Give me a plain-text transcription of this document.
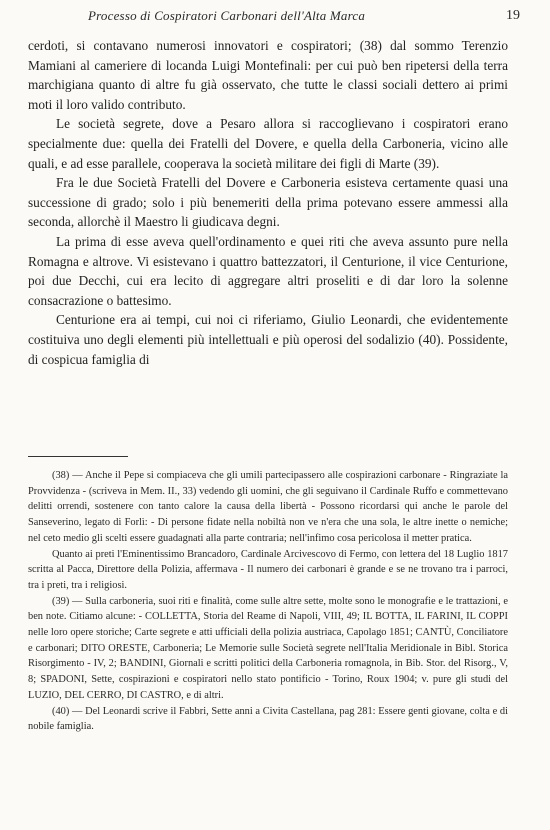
Processo di Cospiratori Carbonari dell'Alta Marca	19

cerdoti, si contavano numerosi innovatori e cospiratori; (38) dal sommo Terenzio Mamiani al cameriere di locanda Luigi Montefinali: per cui può ben ripetersi della terra marchigiana quanto di altre fu già osservato, che tutte le classi sociali dettero ai primi moti il loro valido contributo.

Le società segrete, dove a Pesaro allora si raccoglievano i cospiratori erano specialmente due: quella dei Fratelli del Dovere, e quella della Carboneria, vicino alle quali, e ad esse parallele, cooperava la società militare dei figli di Marte (39).

Fra le due Società Fratelli del Dovere e Carboneria esisteva certamente quasi una successione di grado; solo i più benemeriti della prima potevano essere ammessi alla seconda, allorchè il Maestro li giudicava degni.

La prima di esse aveva quell'ordinamento e quei riti che aveva assunto pure nella Romagna e altrove. Vi esistevano i quattro battezzatori, il Centurione, il vice Centurione, poi due Decchi, cui era lecito di aggregare altri proseliti e di dar loro la solenne consacrazione o battesimo.

Centurione era ai tempi, cui noi ci riferiamo, Giulio Leonardi, che evidentemente costituiva uno degli elementi più intellettuali e più operosi del sodalizio (40). Possidente, di cospicua famiglia di

(38) — Anche il Pepe si compiaceva che gli umili partecipassero alle cospirazioni carbonare - Ringraziate la Provvidenza - (scriveva in Mem. II., 33) vedendo gli uomini, che gli seguivano il Cardinale Ruffo e commettevano delitti orrendi, sostenere con tanto calore la causa della libertà - Possono ricordarsi qui anche le parole del Sanseverino, legato di Forlì: - Di persone fidate nella nobiltà non ve n'era che una sola, le altre inette o nemiche; nel ceto medio gli scelti essere guadagnati alla parte contraria; nell'infimo cosa pericolosa il metter pratica.

Quanto ai preti l'Eminentissimo Brancadoro, Cardinale Arcivescovo di Fermo, con lettera del 18 Luglio 1817 scritta al Pacca, Direttore della Polizia, affermava - Il numero dei carbonari è grande e se ne trovano tra i parroci, tra i preti, tra i religiosi.

(39) — Sulla carboneria, suoi riti e finalità, come sulle altre sette, molte sono le monografie e le trattazioni, e ben note. Citiamo alcune: - COLLETTA, Storia del Reame di Napoli, VIII, 49; IL BOTTA, IL FARINI, IL COPPI nelle loro opere storiche; Carte segrete e atti ufficiali della polizia austriaca, Capolago 1851; CANTÙ, Conciliatore e carbonari; DITO ORESTE, Carboneria; Le Memorie sulle Società segrete nell'Italia Meridionale in Bibl. Storica Risorgimento - IV, 2; BANDINI, Giornali e scritti politici della Carboneria romagnola, in Bib. Stor. del Risorg., V, 8; SPADONI, Sette, cospirazioni e cospiratori nello stato pontificio - Torino, Roux 1904; v. pure gli studi del LUZIO, DEL CERRO, DI CASTRO, e di altri.

(40) — Del Leonardi scrive il Fabbri, Sette anni a Civita Castellana, pag 281: Essere genti giovane, colta e di nobile famiglia.
